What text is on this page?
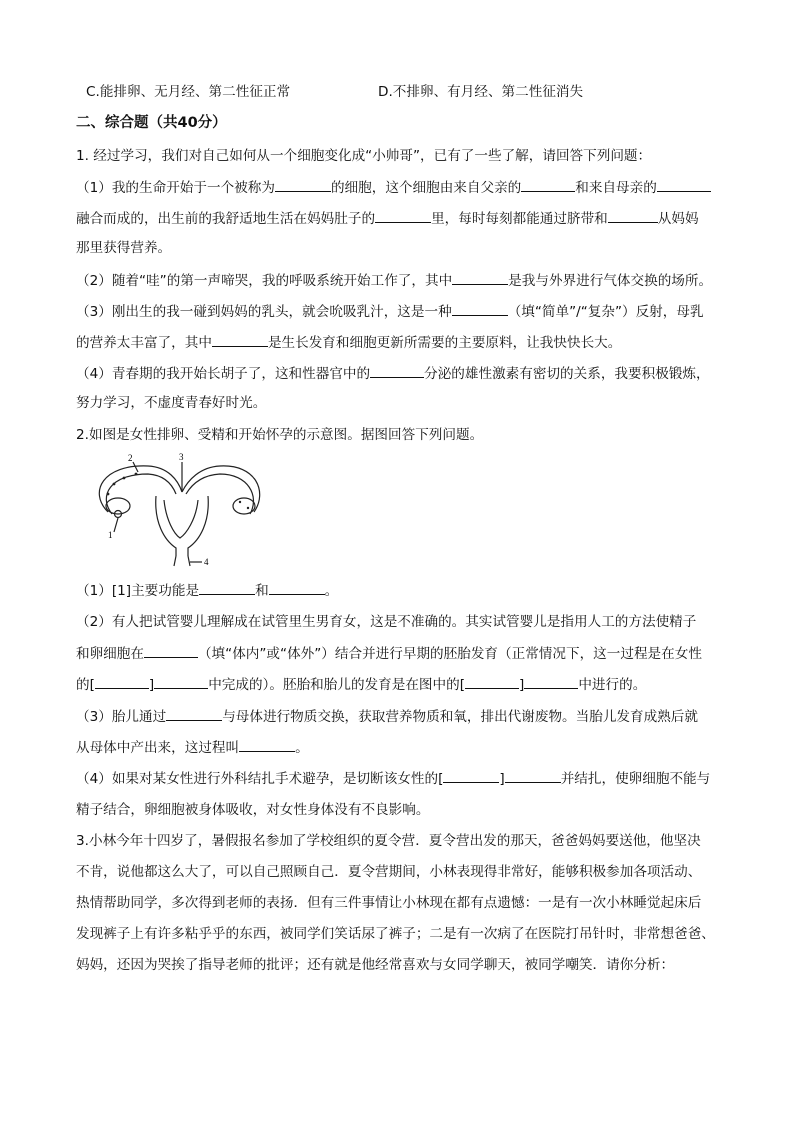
C.能排卵、无月经、第二性征正常	D.不排卵、有月经、第二性征消失
二、综合题（共40分）
1. 经过学习，我们对自己如何从一个细胞变化成“小帅哥”，已有了一些了解，请回答下列问题：
（1）我的生命开始于一个被称为	的细胞，这个细胞由来自父亲的	和来自母亲的
融合而成的，出生前的我舒适地生活在妈妈肚子的	里，每时每刻都能通过脐带和	从妈妈
那里获得营养。
（2）随着“哇”的第一声啼哭，我的呼吸系统开始工作了，其中	是我与外界进行气体交换的场所。
（3）刚出生的我一碰到妈妈的乳头，就会吮吸乳汁，这是一种	（填“简单”/“复杂”）反射，母乳
的营养太丰富了，其中	是生长发育和细胞更新所需要的主要原料，让我快快长大。
（4）青春期的我开始长胡子了，这和性器官中的	分泌的雄性激素有密切的关系，我要积极锻炼，
努力学习，不虚度青春好时光。
2.如图是女性排卵、受精和开始怀孕的示意图。据图回答下列问题。
1
2	3
4
（1）[1]主要功能是	和	。
（2）有人把试管婴儿理解成在试管里生男育女，这是不准确的。其实试管婴儿是指用人工的方法使精子
和卵细胞在	（填“体内”或“体外”）结合并进行早期的胚胎发育（正常情况下，这一过程是在女性
的[	]	中完成的）。胚胎和胎儿的发育是在图中的[	]	中进行的。
（3）胎儿通过	与母体进行物质交换，获取营养物质和氧，排出代谢废物。当胎儿发育成熟后就
从母体中产出来，这过程叫	。
（4）如果对某女性进行外科结扎手术避孕，是切断该女性的[	]	并结扎，使卵细胞不能与
精子结合，卵细胞被身体吸收，对女性身体没有不良影响。
3.小林今年十四岁了，暑假报名参加了学校组织的夏令营．夏令营出发的那天，爸爸妈妈要送他，他坚决
不肯，说他都这么大了，可以自己照顾自己．夏令营期间，小林表现得非常好，能够积极参加各项活动、
热情帮助同学，多次得到老师的表扬．但有三件事情让小林现在都有点遗憾：一是有一次小林睡觉起床后
发现裤子上有许多粘乎乎的东西，被同学们笑话尿了裤子；二是有一次病了在医院打吊针时，非常想爸爸、
妈妈，还因为哭挨了指导老师的批评；还有就是他经常喜欢与女同学聊天，被同学嘲笑．请你分析：
